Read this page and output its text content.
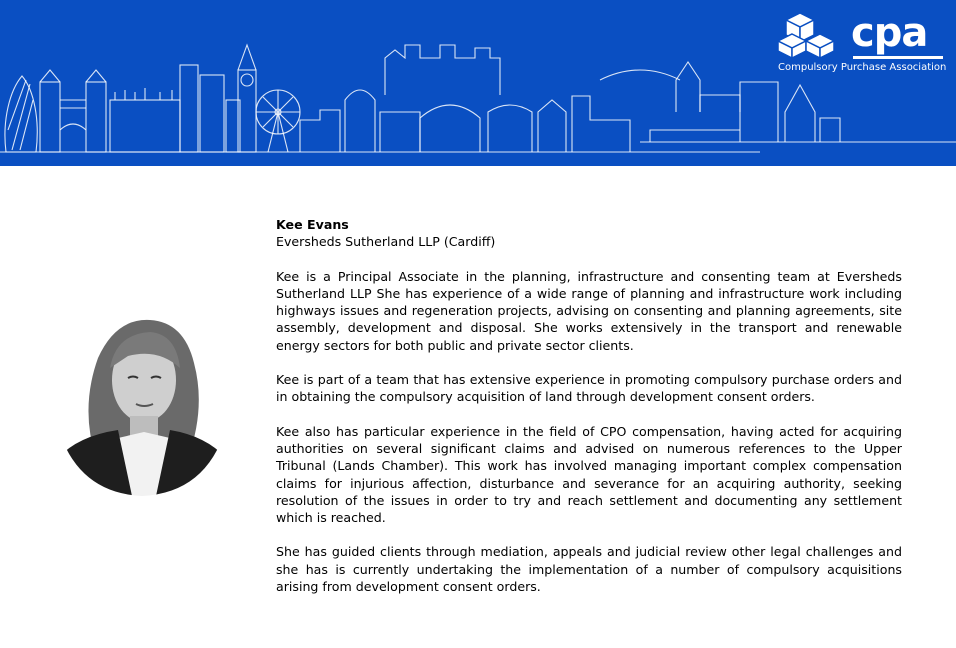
cpa
Compulsory Purchase Association

Kee Evans

Eversheds Sutherland LLP (Cardiff)

Kee is a Principal Associate in the planning, infrastructure and consenting team at Eversheds Sutherland LLP She has experience of a wide range of planning and infrastructure work including highways issues and regeneration projects, advising on consenting and planning agreements, site assembly, development and disposal. She works extensively in the transport and renewable energy sectors for both public and private sector clients.

Kee is part of a team that has extensive experience in promoting compulsory purchase orders and in obtaining the compulsory acquisition of land through development consent orders.

Kee also has particular experience in the field of CPO compensation, having acted for acquiring authorities on several significant claims and advised on numerous references to the Upper Tribunal (Lands Chamber). This work has involved managing important complex compensation claims for injurious affection, disturbance and severance for an acquiring authority, seeking resolution of the issues in order to try and reach settlement and documenting any settlement which is reached.

She has guided clients through mediation, appeals and judicial review other legal challenges and she has is currently undertaking the implementation of a number of compulsory acquisitions arising from development consent orders.
